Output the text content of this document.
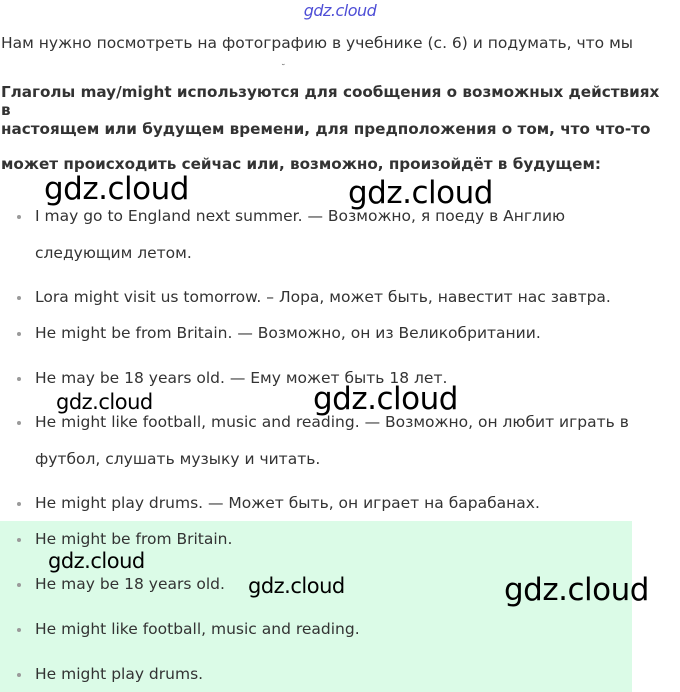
gdz.cloud
Нам нужно посмотреть на фотографию в учебнике (с. 6) и подумать, что мы
˘
Глаголы may/might используются для сообщения о возможных действиях в
настоящем или будущем времени, для предположения о том, что что-то
может происходить сейчас или, возможно, произойдёт в будущем:
I may go to England next summer. — Возможно, я поеду в Англию
следующим летом.
Lora might visit us tomorrow. – Лора, может быть, навестит нас завтра.
He might be from Britain. — Возможно, он из Великобритании.
He may be 18 years old. — Ему может быть 18 лет.
He might like football, music and reading. — Возможно, он любит играть в
футбол, слушать музыку и читать.
He might play drums. — Может быть, он играет на барабанах.
He might be from Britain.
He may be 18 years old.
He might like football, music and reading.
He might play drums.
gdz.cloud	gdz.cloud
gdz.cloud	gdz.cloud
gdz.cloud
gdz.cloud	gdz.cloud
